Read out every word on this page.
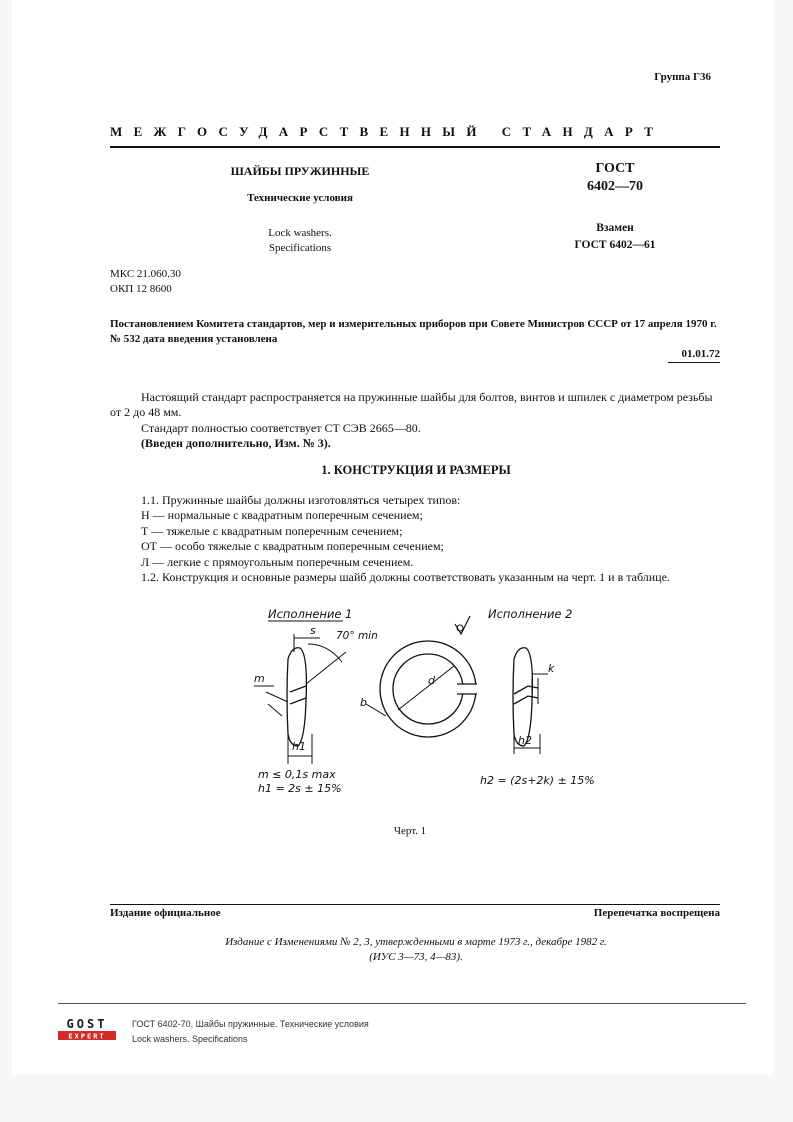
Группа Г36
МЕЖГОСУДАРСТВЕННЫЙ СТАНДАРТ
ШАЙБЫ ПРУЖИННЫЕ
Технические условия
Lock washers.
Specifications
ГОСТ
6402—70
Взамен
ГОСТ 6402—61
МКС 21.060.30
ОКП 12 8600
Постановлением Комитета стандартов, мер и измерительных приборов при Совете Министров СССР от 17 апреля 1970 г. № 532 дата введения установлена
01.01.72
Настоящий стандарт распространяется на пружинные шайбы для болтов, винтов и шпилек с диаметром резьбы от 2 до 48 мм.
Стандарт полностью соответствует СТ СЭВ 2665—80.
(Введен дополнительно, Изм. № 3).
1. КОНСТРУКЦИЯ И РАЗМЕРЫ
1.1. Пружинные шайбы должны изготовляться четырех типов:
Н — нормальные с квадратным поперечным сечением;
Т — тяжелые с квадратным поперечным сечением;
ОТ — особо тяжелые с квадратным поперечным сечением;
Л — легкие с прямоугольным поперечным сечением.
1.2. Конструкция и основные размеры шайб должны соответствовать указанным на черт. 1 и в таблице.
Исполнение 1
s 70° min
m
h1
m ≤ 0,1s max
h1 = 2s ± 15%
d
b
Исполнение 2
k
h2
h2 = (2s+2k) ± 15%
Черт. 1
Издание официальное	Перепечатка воспрещена
Издание с Изменениями № 2, 3, утвержденными в марте 1973 г., декабре 1982 г.
(ИУС 3—73, 4—83).
GOST
EXPERT
ГОСТ 6402-70, Шайбы пружинные. Технические условия
Lock washers. Specifications
